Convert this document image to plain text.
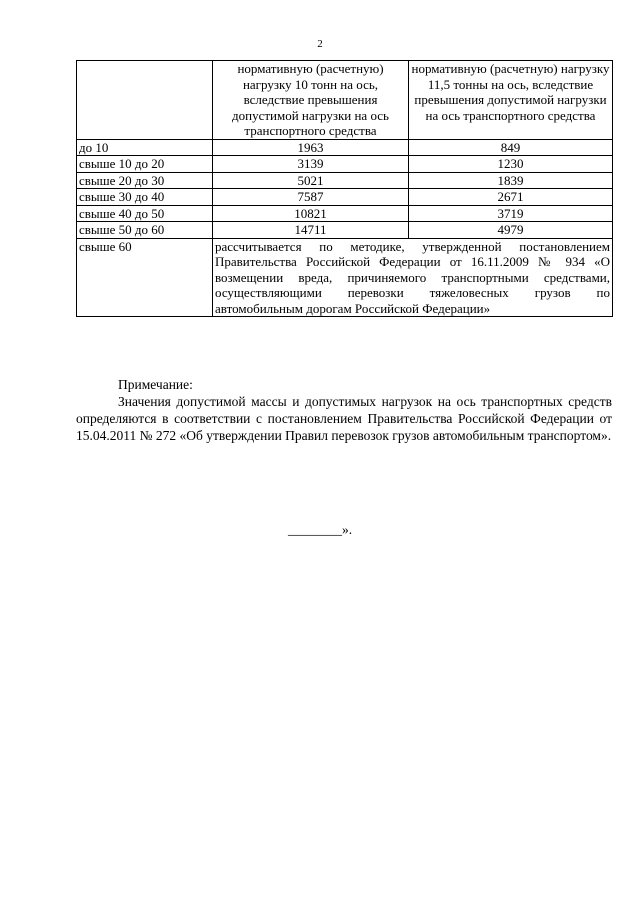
2
	нормативную (расчетную) нагрузку 10 тонн на ось, вследствие превышения допустимой нагрузки на ось транспортного средства	нормативную (расчетную) нагрузку 11,5 тонны на ось, вследствие превышения допустимой нагрузки на ось транспортного средства
до 10	1963	849
свыше 10 до 20	3139	1230
свыше 20 до 30	5021	1839
свыше 30 до 40	7587	2671
свыше 40 до 50	10821	3719
свыше 50 до 60	14711	4979
свыше 60	рассчитывается по методике, утвержденной постановлением Правительства Российской Федерации от 16.11.2009 № 934 «О возмещении вреда, причиняемого транспортными средствами, осуществляющими перевозки тяжеловесных грузов по автомобильным дорогам Российской Федерации»	
Примечание:
Значения допустимой массы и допустимых нагрузок на ось транспортных средств определяются в соответствии с постановлением Правительства Российской Федерации от 15.04.2011 № 272 «Об утверждении Правил перевозок грузов автомобильным транспортом».
________».
